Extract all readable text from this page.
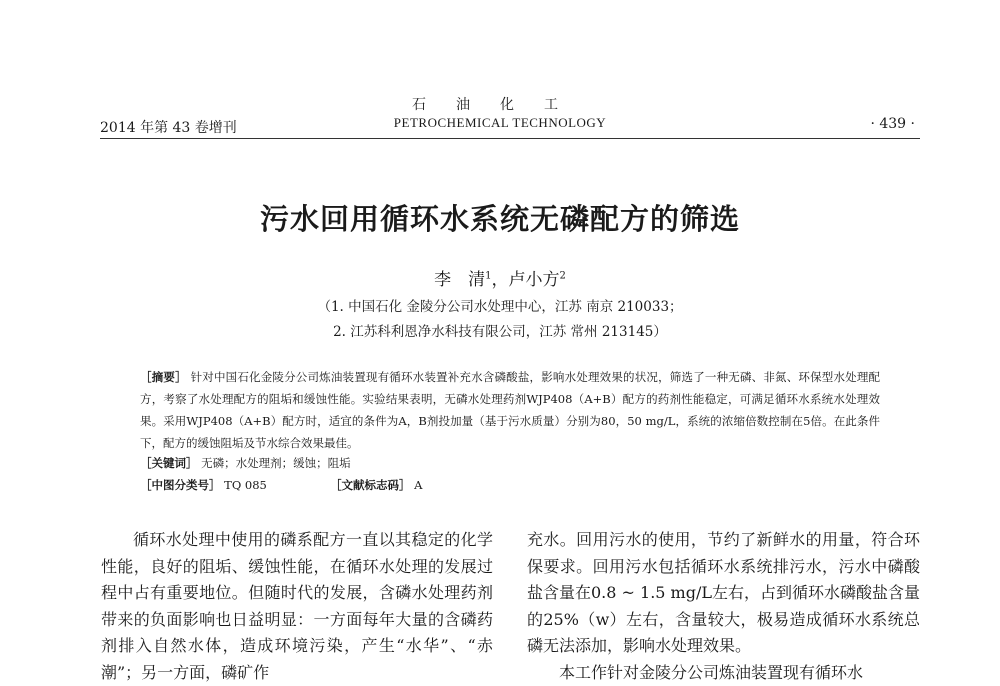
2014 年第 43 卷增刊
石油化工
PETROCHEMICAL TECHNOLOGY	· 439 ·
污水回用循环水系统无磷配方的筛选
李　清$^1$，卢小方$^2$
（1. 中国石化 金陵分公司水处理中心，江苏 南京 210033；
2. 江苏科利恩净水科技有限公司，江苏 常州 213145）
［摘要］ 针对中国石化金陵分公司炼油装置现有循环水装置补充水含磷酸盐，影响水处理效果的状况，筛选了一种无磷、非氮、环保型水处理配方，考察了水处理配方的阻垢和缓蚀性能。实验结果表明，无磷水处理药剂WJP408（A+B）配方的药剂性能稳定，可满足循环水系统水处理效果。采用WJP408（A+B）配方时，适宜的条件为A，B剂投加量（基于污水质量）分别为80，50 mg/L，系统的浓缩倍数控制在5倍。在此条件下，配方的缓蚀阻垢及节水综合效果最佳。
［关键词］ 无磷；水处理剂；缓蚀；阻垢
［中图分类号］ TQ 085	［文献标志码］ A

循环水处理中使用的磷系配方一直以其稳定的化学性能，良好的阻垢、缓蚀性能，在循环水处理的发展过程中占有重要地位。但随时代的发展，含磷水处理药剂带来的负面影响也日益明显：一方面每年大量的含磷药剂排入自然水体，造成环境污染，产生“水华”、“赤潮”；另一方面，磷矿作

充水。回用污水的使用，节约了新鲜水的用量，符合环保要求。回用污水包括循环水系统排污水，污水中磷酸盐含量在0.8 ~ 1.5 mg/L左右，占到循环水磷酸盐含量的25%（w）左右，含量较大，极易造成循环水系统总磷无法添加，影响水处理效果。

本工作针对金陵分公司炼油装置现有循环水
